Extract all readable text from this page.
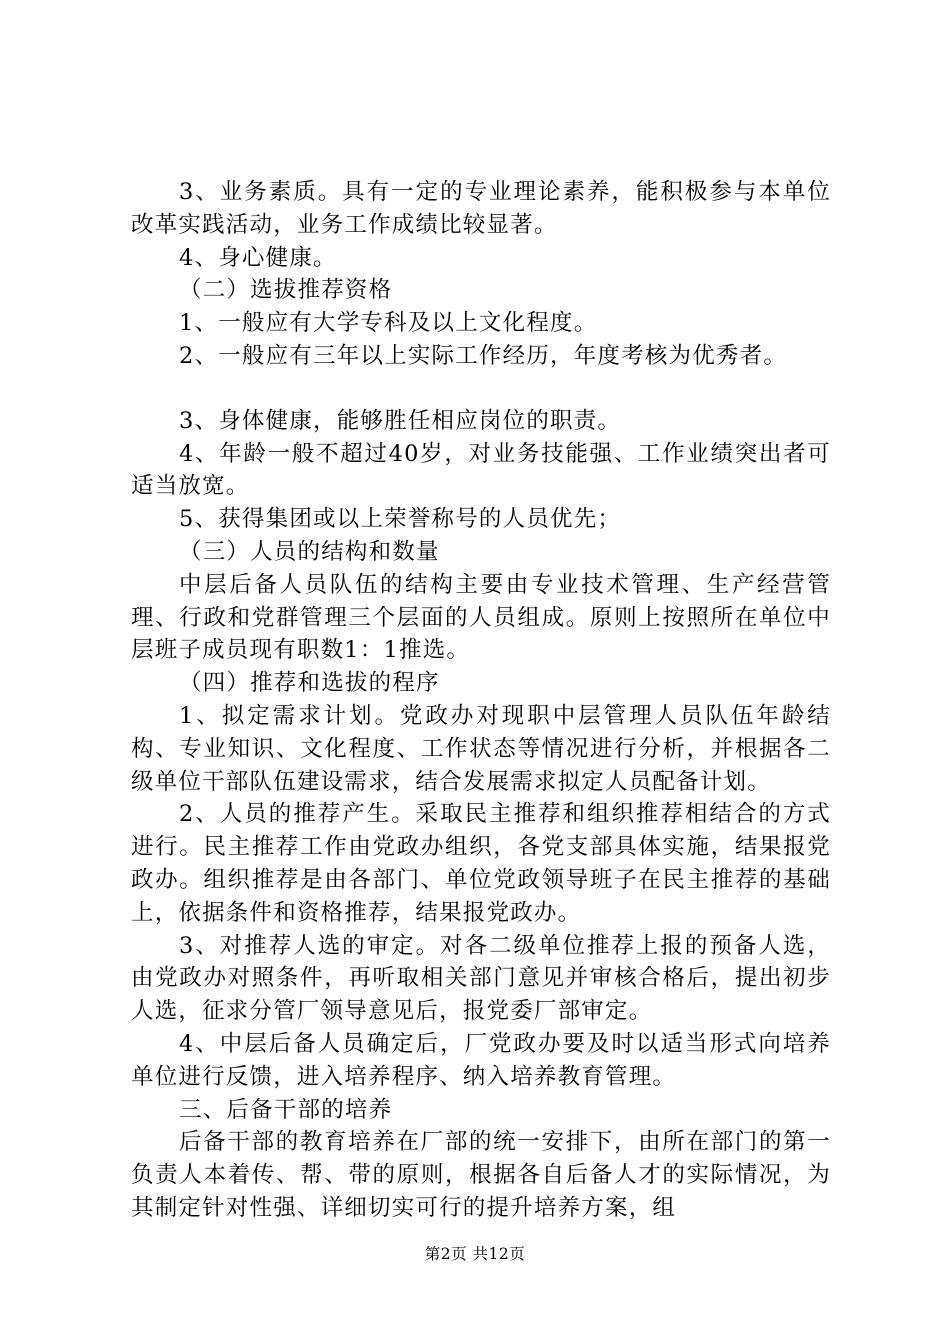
3、业务素质。具有一定的专业理论素养，能积极参与本单位改革实践活动，业务工作成绩比较显著。

4、身心健康。

（二）选拔推荐资格

1、一般应有大学专科及以上文化程度。

2、一般应有三年以上实际工作经历，年度考核为优秀者。

3、身体健康，能够胜任相应岗位的职责。

4、年龄一般不超过40岁，对业务技能强、工作业绩突出者可适当放宽。

5、获得集团或以上荣誉称号的人员优先；

（三）人员的结构和数量

中层后备人员队伍的结构主要由专业技术管理、生产经营管理、行政和党群管理三个层面的人员组成。原则上按照所在单位中层班子成员现有职数1：1推选。

（四）推荐和选拔的程序

1、拟定需求计划。党政办对现职中层管理人员队伍年龄结构、专业知识、文化程度、工作状态等情况进行分析，并根据各二级单位干部队伍建设需求，结合发展需求拟定人员配备计划。

2、人员的推荐产生。采取民主推荐和组织推荐相结合的方式进行。民主推荐工作由党政办组织，各党支部具体实施，结果报党政办。组织推荐是由各部门、单位党政领导班子在民主推荐的基础上，依据条件和资格推荐，结果报党政办。

3、对推荐人选的审定。对各二级单位推荐上报的预备人选，由党政办对照条件，再听取相关部门意见并审核合格后，提出初步人选，征求分管厂领导意见后，报党委厂部审定。

4、中层后备人员确定后，厂党政办要及时以适当形式向培养单位进行反馈，进入培养程序、纳入培养教育管理。

三、后备干部的培养

后备干部的教育培养在厂部的统一安排下，由所在部门的第一负责人本着传、帮、带的原则，根据各自后备人才的实际情况，为其制定针对性强、详细切实可行的提升培养方案，组

第2页 共12页
